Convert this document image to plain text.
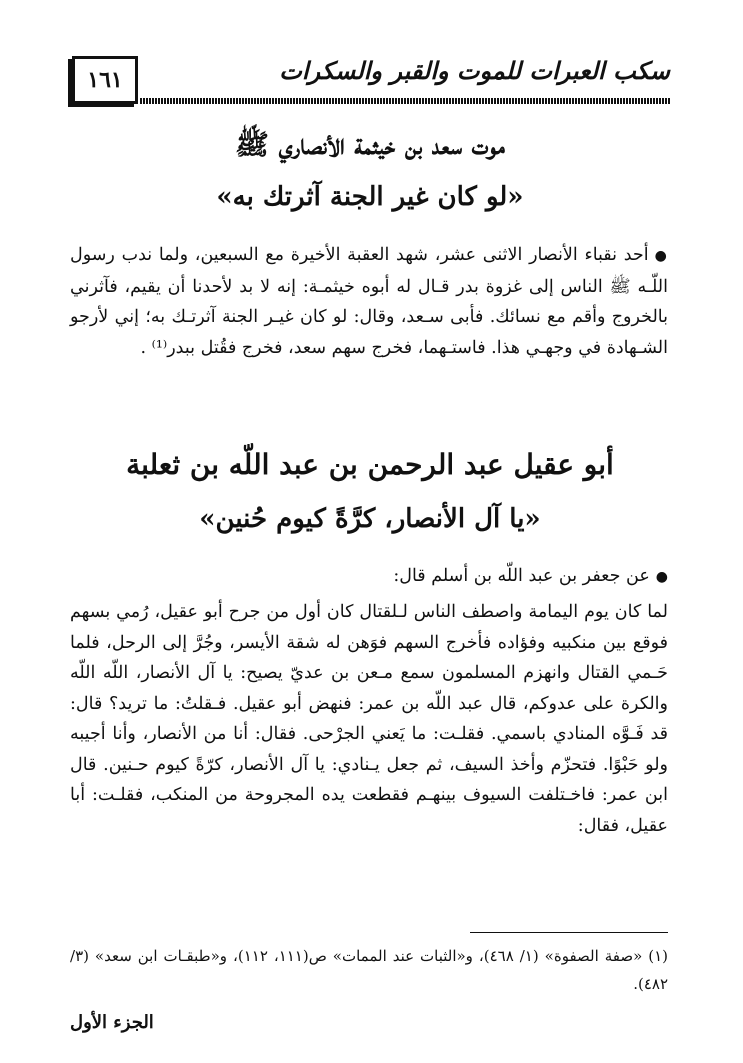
سكب العبرات للموت والقبر والسكرات
١٦١
موت سعد بن خيثمة الأنصاري ﷺ
«لو كان غير الجنة آثرتك به»
●أحد نقباء الأنصار الاثنى عشر، شهد العقبة الأخيرة مع السبعين، ولما ندب رسول اللّـه ﷺ الناس إلى غزوة بدر قـال له أبوه خيثمـة: إنه لا بد لأحدنا أن يقيم، فآثرني بالخروج وأقم مع نسائك. فأبى سـعد، وقال: لو كان غيـر الجنة آثرتـك به؛ إني لأرجو الشـهادة في وجهـي هذا. فاستـهما، فخرج سهم سعد، فخرج فقُتل ببدر⁽¹⁾ .
أبو عقيل عبد الرحمن بن عبد اللّه بن ثعلبة
«يا آل الأنصار، كرَّةً كيوم حُنين»
●عن جعفر بن عبد اللّه بن أسلم قال:
لما كان يوم اليمامة واصطف الناس لـلقتال كان أول من جرح أبو عقيل، رُمي بسهم فوقع بين منكبيه وفؤاده فأخرج السهم فوَهن له شقة الأيسر، وجُرَّ إلى الرحل، فلما حَـمي القتال وانهزم المسلمون سمع مـعن بن عديّ يصيح: يا آل الأنصار، اللّه اللّه والكرة على عدوكم، قال عبد اللّه بن عمر: فنهض أبو عقيل. فـقلتُ: ما تريد؟ قال: قد فَـوَّه المنادي باسمي. فقلـت: ما يَعني الجرْحى. فقال: أنا من الأنصار، وأنا أجيبه ولو حَبْوًا. فتحزّم وأخذ السيف، ثم جعل يـنادي: يا آل الأنصار، كرّةً كيوم حـنين. قال ابن عمر: فاخـتلفت السيوف بينهـم فقطعت يده المجروحة من المنكب، فقلـت: أبا عقيل، فقال:
(١) «صفة الصفوة» (١/ ٤٦٨)، و«الثبات عند الممات» ص(١١١، ١١٢)، و«طبقـات ابن سعد» (٣/ ٤٨٢).
الجزء الأول
